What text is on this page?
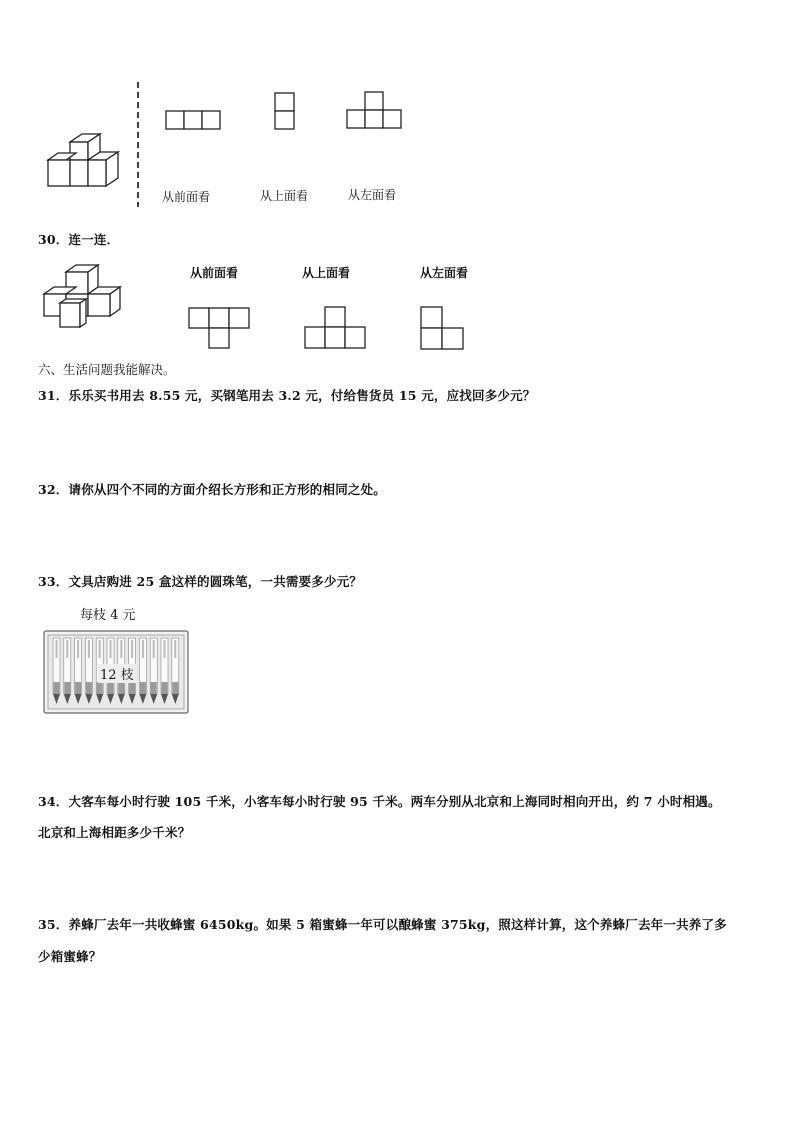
从前面看	从上面看	从左面看
30．连一连．
从前面看	从上面看	从左面看
六、生活问题我能解决。
31．乐乐买书用去 8.55 元，买钢笔用去 3.2 元，付给售货员 15 元，应找回多少元？
32．请你从四个不同的方面介绍长方形和正方形的相同之处。
33．文具店购进 25 盒这样的圆珠笔，一共需要多少元？
每枝 4 元
12 枝
34．大客车每小时行驶 105 千米，小客车每小时行驶 95 千米。两车分别从北京和上海同时相向开出，约 7 小时相遇。
北京和上海相距多少千米？
35．养蜂厂去年一共收蜂蜜 6450kg。如果 5 箱蜜蜂一年可以酿蜂蜜 375kg，照这样计算，这个养蜂厂去年一共养了多
少箱蜜蜂？
